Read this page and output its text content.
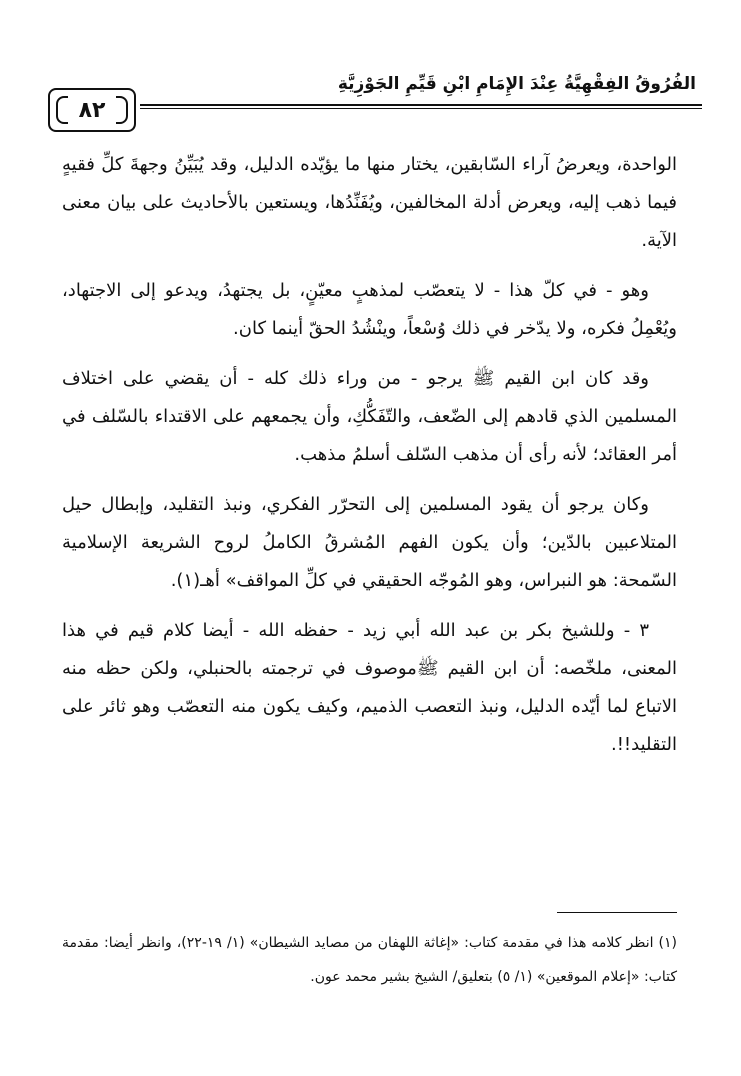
الفُرُوقُ الفِقْهِيَّةُ عِنْدَ الإِمَامِ ابْنِ قَيِّمِ الجَوْزِيَّةِ
٨٢

الواحدة، ويعرضُ آراء السّابقين، يختار منها ما يؤيّده الدليل، وقد يُبَيِّنُ وجهةَ كلِّ فقيهٍ فيما ذهب إليه، ويعرض أدلة المخالفين، ويُفَنِّدُها، ويستعين بالأحاديث على بيان معنى الآية.

وهو - في كلّ هذا - لا يتعصّب لمذهبٍ معيّنٍ، بل يجتهدُ، ويدعو إلى الاجتهاد، ويُعْمِلُ فكره، ولا يدّخر في ذلك وُسْعاً، وينْشُدُ الحقّ أينما كان.

وقد كان ابن القيم ﷺ يرجو - من وراء ذلك كله - أن يقضي على اختلاف المسلمين الذي قادهم إلى الضّعف، والتّفَكُّكِ، وأن يجمعهم على الاقتداء بالسّلف في أمر العقائد؛ لأنه رأى أن مذهب السّلف أسلمُ مذهب.

وكان يرجو أن يقود المسلمين إلى التحرّر الفكري، ونبذ التقليد، وإبطال حيل المتلاعبين بالدّين؛ وأن يكون الفهم المُشرقُ الكاملُ لروح الشريعة الإسلامية السّمحة: هو النبراس، وهو المُوجّه الحقيقي في كلِّ المواقف» أهـ(١).

٣ - وللشيخ بكر بن عبد الله أبي زيد - حفظه الله - أيضا كلام قيم في هذا المعنى، ملخّصه: أن ابن القيم ﷺموصوف في ترجمته بالحنبلي، ولكن حظه منه الاتباع لما أيّده الدليل، ونبذ التعصب الذميم، وكيف يكون منه التعصّب وهو ثائر على التقليد!!.

(١) انظر كلامه هذا في مقدمة كتاب: «إغاثة اللهفان من مصايد الشيطان» (١/ ١٩-٢٢)، وانظر أيضا: مقدمة كتاب: «إعلام الموقعين» (١/ ٥) بتعليق/ الشيخ بشير محمد عون.
